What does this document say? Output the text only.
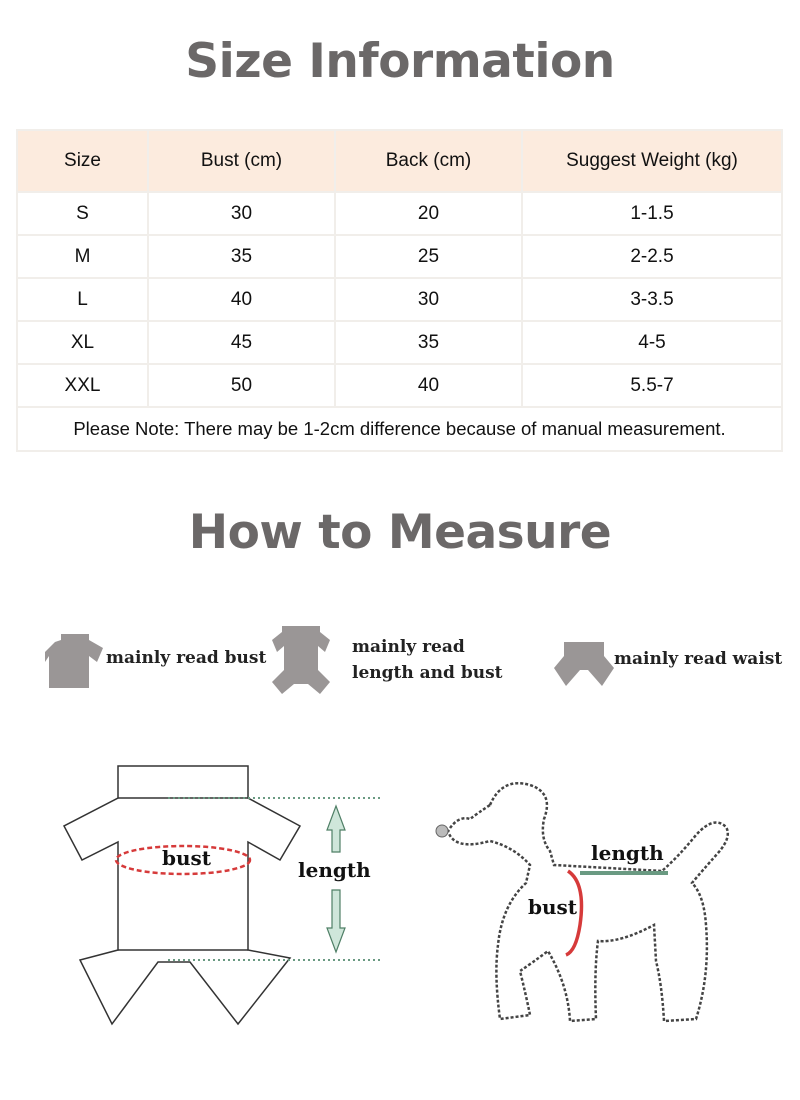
Size Information
Size	Bust (cm)	Back (cm)	Suggest Weight (kg)
S	30	20	1-1.5
M	35	25	2-2.5
L	40	30	3-3.5
XL	45	35	4-5
XXL	50	40	5.5-7
Please Note: There may be 1-2cm difference because of manual measurement.			
How to Measure
mainly read bust
mainly read
length and bust
mainly read waist
bust	length
length
bust
